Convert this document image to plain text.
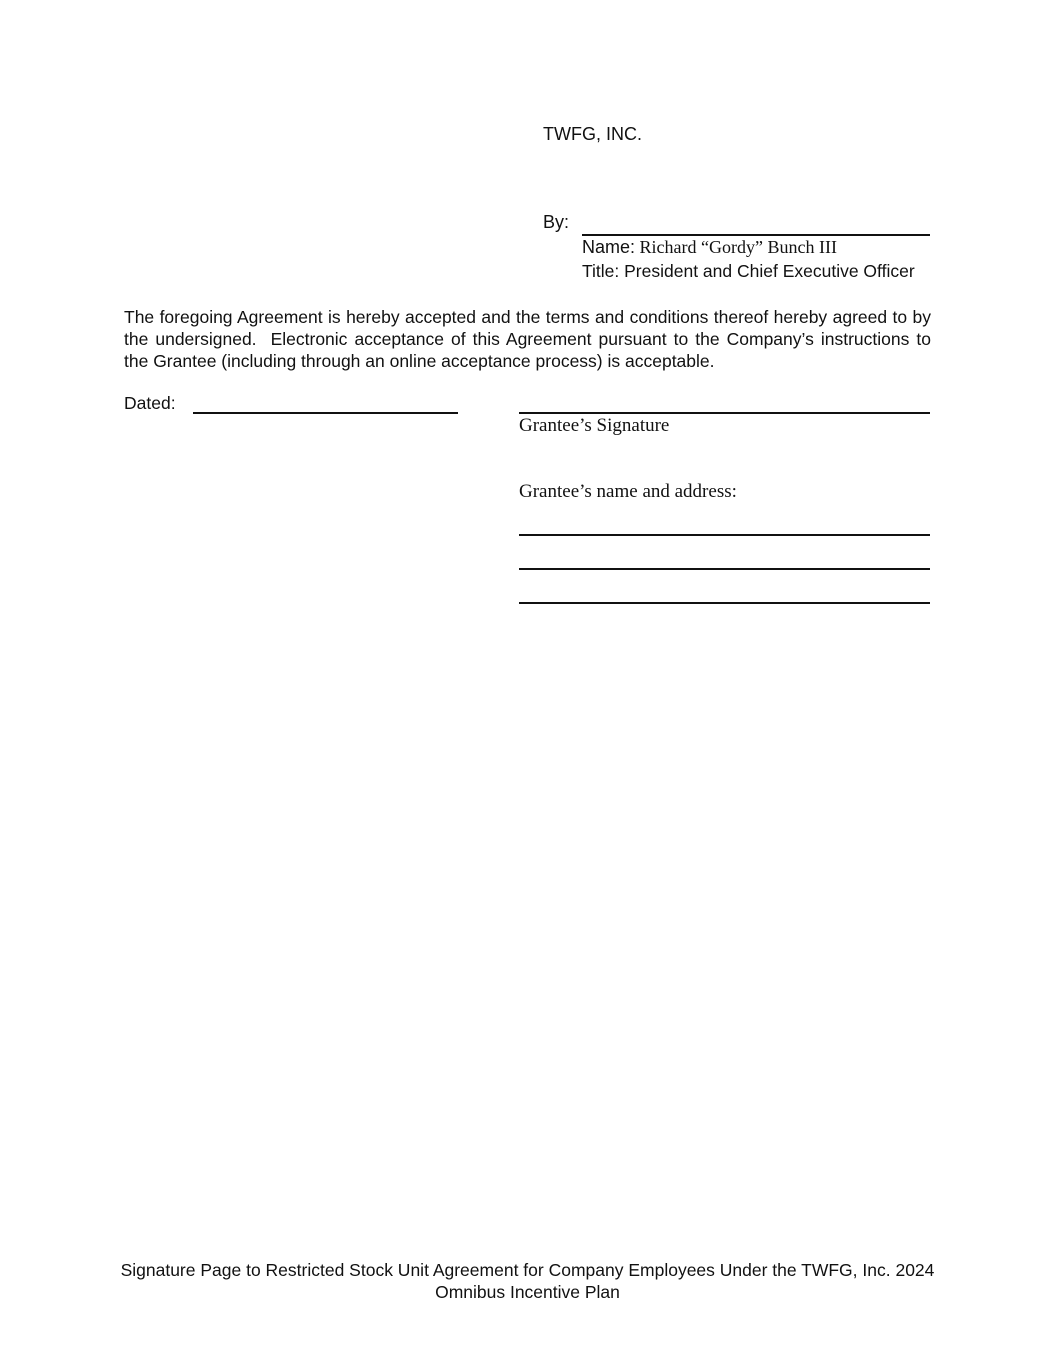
TWFG, INC.
By:
Name: Richard “Gordy” Bunch III
Title: President and Chief Executive Officer
The foregoing Agreement is hereby accepted and the terms and conditions thereof hereby agreed to by the undersigned.  Electronic acceptance of this Agreement pursuant to the Company’s instructions to the Grantee (including through an online acceptance process) is acceptable.
Dated:
Grantee’s Signature
Grantee’s name and address:
Signature Page to Restricted Stock Unit Agreement for Company Employees Under the TWFG, Inc. 2024
Omnibus Incentive Plan
